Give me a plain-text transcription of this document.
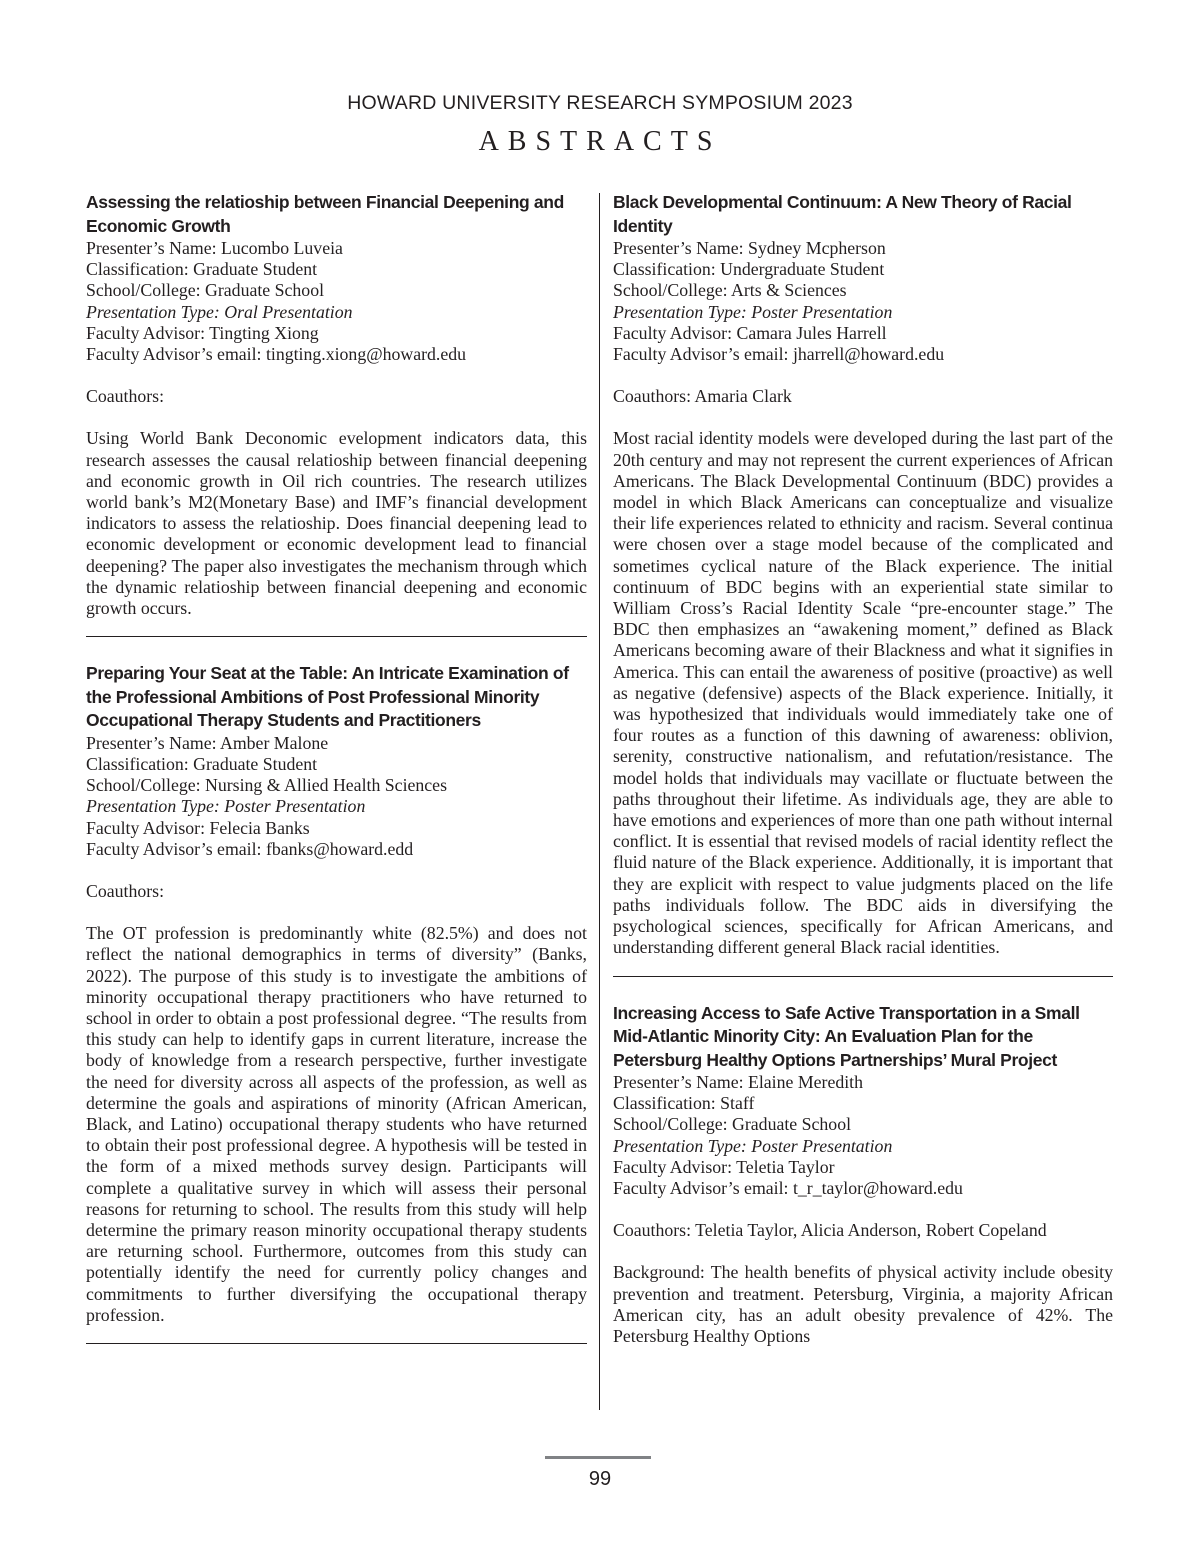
HOWARD UNIVERSITY RESEARCH SYMPOSIUM 2023
ABSTRACTS

Assessing the relatioship between Financial Deepening and Economic Growth

Presenter’s Name: Lucombo Luveia

Classification: Graduate Student

School/College: Graduate School

Presentation Type: Oral Presentation

Faculty Advisor: Tingting Xiong

Faculty Advisor’s email: tingting.xiong@howard.edu

Coauthors:

Using World Bank Deconomic evelopment indicators data, this research assesses the causal relatioship between financial deepening and economic growth in Oil rich countries. The research utilizes world bank’s M2(Monetary Base) and IMF’s financial development indicators to assess the relatioship. Does financial deepening lead to economic development or economic development lead to financial deepening? The paper also investigates the mechanism through which the dynamic relatioship between financial deepening and economic growth occurs.

Preparing Your Seat at the Table: An Intricate Examination of the Professional Ambitions of Post Professional Minority Occupational Therapy Students and Practitioners

Presenter’s Name: Amber Malone

Classification: Graduate Student

School/College: Nursing & Allied Health Sciences

Presentation Type: Poster Presentation

Faculty Advisor: Felecia Banks

Faculty Advisor’s email: fbanks@howard.edd

Coauthors:

The OT profession is predominantly white (82.5%) and does not reflect the national demographics in terms of diversity” (Banks, 2022). The purpose of this study is to investigate the ambitions of minority occupational therapy practitioners who have returned to school in order to obtain a post professional degree. “The results from this study can help to identify gaps in current literature, increase the body of knowledge from a research perspective, further investigate the need for diversity across all aspects of the profession, as well as determine the goals and aspirations of minority (African American, Black, and Latino) occupational therapy students who have returned to obtain their post professional degree. A hypothesis will be tested in the form of a mixed methods survey design. Participants will complete a qualitative survey in which will assess their personal reasons for returning to school. The results from this study will help determine the primary reason minority occupational therapy students are returning school. Furthermore, outcomes from this study can potentially identify the need for currently policy changes and commitments to further diversifying the occupational therapy profession.

Black Developmental Continuum: A New Theory of Racial Identity

Presenter’s Name: Sydney Mcpherson

Classification: Undergraduate Student

School/College: Arts & Sciences

Presentation Type: Poster Presentation

Faculty Advisor: Camara Jules Harrell

Faculty Advisor’s email: jharrell@howard.edu

Coauthors: Amaria Clark

Most racial identity models were developed during the last part of the 20th century and may not represent the current experiences of African Americans. The Black Developmental Continuum (BDC) provides a model in which Black Americans can conceptualize and visualize their life experiences related to ethnicity and racism. Several continua were chosen over a stage model because of the complicated and sometimes cyclical nature of the Black experience. The initial continuum of BDC begins with an experiential state similar to William Cross’s Racial Identity Scale “pre-encounter stage.” The BDC then emphasizes an “awakening moment,” defined as Black Americans becoming aware of their Blackness and what it signifies in America. This can entail the awareness of positive (proactive) as well as negative (defensive) aspects of the Black experience. Initially, it was hypothesized that individuals would immediately take one of four routes as a function of this dawning of awareness: oblivion, serenity, constructive nationalism, and refutation/resistance. The model holds that individuals may vacillate or fluctuate between the paths throughout their lifetime. As individuals age, they are able to have emotions and experiences of more than one path without internal conflict. It is essential that revised models of racial identity reflect the fluid nature of the Black experience. Additionally, it is important that they are explicit with respect to value judgments placed on the life paths individuals follow. The BDC aids in diversifying the psychological sciences, specifically for African Americans, and understanding different general Black racial identities.

Increasing Access to Safe Active Transportation in a Small Mid-Atlantic Minority City: An Evaluation Plan for the Petersburg Healthy Options Partnerships’ Mural Project

Presenter’s Name: Elaine Meredith

Classification: Staff

School/College: Graduate School

Presentation Type: Poster Presentation

Faculty Advisor: Teletia Taylor

Faculty Advisor’s email: t_r_taylor@howard.edu

Coauthors: Teletia Taylor, Alicia Anderson, Robert Copeland

Background: The health benefits of physical activity include obesity prevention and treatment. Petersburg, Virginia, a majority African American city, has an adult obesity prevalence of 42%. The Petersburg Healthy Options

99
